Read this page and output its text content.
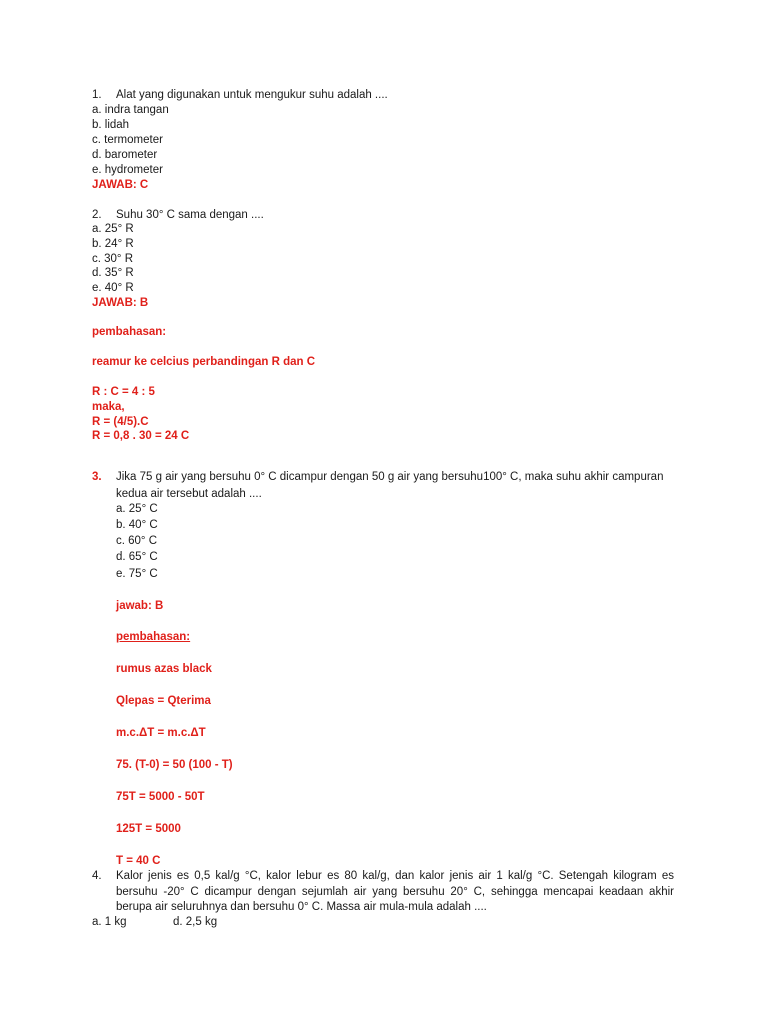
1. Alat yang digunakan untuk mengukur suhu adalah ....
a. indra tangan
b. lidah
c. termometer
d. barometer
e. hydrometer
JAWAB: C
2. Suhu 30° C sama dengan ....
a. 25° R
b. 24° R
c. 30° R
d. 35° R
e. 40° R
JAWAB: B
pembahasan:
reamur ke celcius perbandingan R dan C
R : C = 4 : 5
maka,
R = (4/5).C
R = 0,8 . 30 = 24 C
3. Jika 75 g air yang bersuhu 0° C dicampur dengan 50 g air yang bersuhu100° C, maka suhu akhir campuran
kedua air tersebut adalah ....
a. 25° C
b. 40° C
c. 60° C
d. 65° C
e. 75° C
jawab: B
pembahasan:
rumus azas black
Qlepas = Qterima
m.c.ΔT = m.c.ΔT
75. (T-0) = 50 (100 - T)
75T = 5000 - 50T
125T = 5000
T = 40 C
4. Kalor jenis es 0,5 kal/g °C, kalor lebur es 80 kal/g, dan kalor jenis air 1 kal/g °C. Setengah kilogram es
bersuhu -20° C dicampur dengan sejumlah air yang bersuhu 20° C, sehingga mencapai keadaan akhir
berupa air seluruhnya dan bersuhu 0° C. Massa air mula-mula adalah ....
a. 1 kg	d. 2,5 kg
